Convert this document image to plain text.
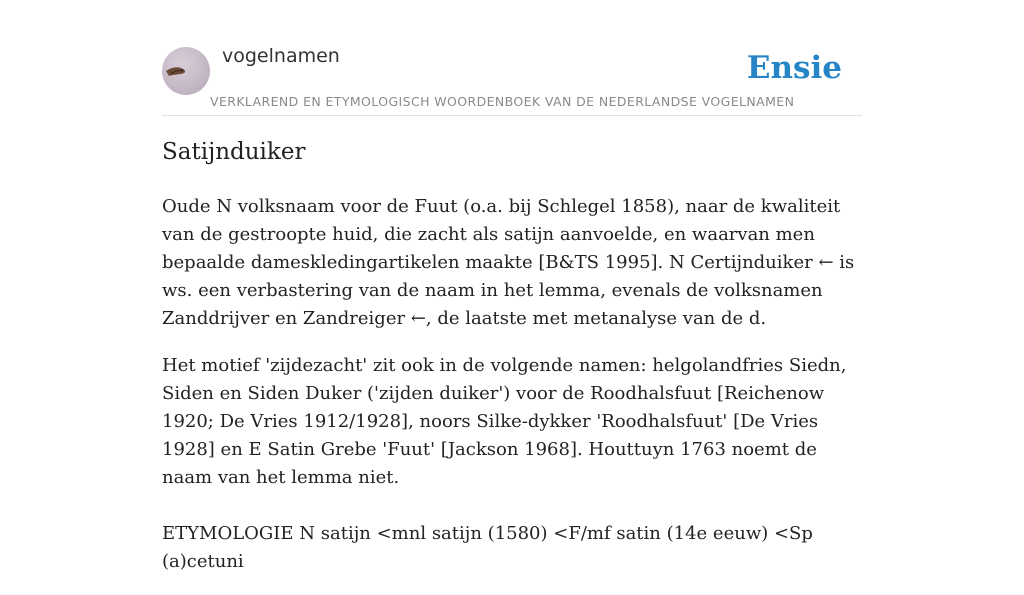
vogelnamen
VERKLAREND EN ETYMOLOGISCH WOORDENBOEK VAN DE NEDERLANDSE VOGELNAMEN
Ensie
Satijnduiker

Oude N volksnaam voor de Fuut (o.a. bij Schlegel 1858), naar de kwaliteit van de gestroopte huid, die zacht als satijn aanvoelde, en waarvan men bepaalde dameskledingartikelen maakte [B&TS 1995]. N Certijnduiker ← is ws. een verbastering van de naam in het lemma, evenals de volksnamen Zanddrijver en Zandreiger ←, de laatste met metanalyse van de d.

Het motief 'zijdezacht' zit ook in de volgende namen: helgolandfries Siedn, Siden en Siden Duker ('zijden duiker') voor de Roodhalsfuut [Reichenow 1920; De Vries 1912/1928], noors Silke-dykker 'Roodhalsfuut' [De Vries 1928] en E Satin Grebe 'Fuut' [Jackson 1968]. Houttuyn 1763 noemt de naam van het lemma niet.

ETYMOLOGIE N satijn <mnl satijn (1580) <F/mf satin (14e eeuw) <Sp (a)cetuni
